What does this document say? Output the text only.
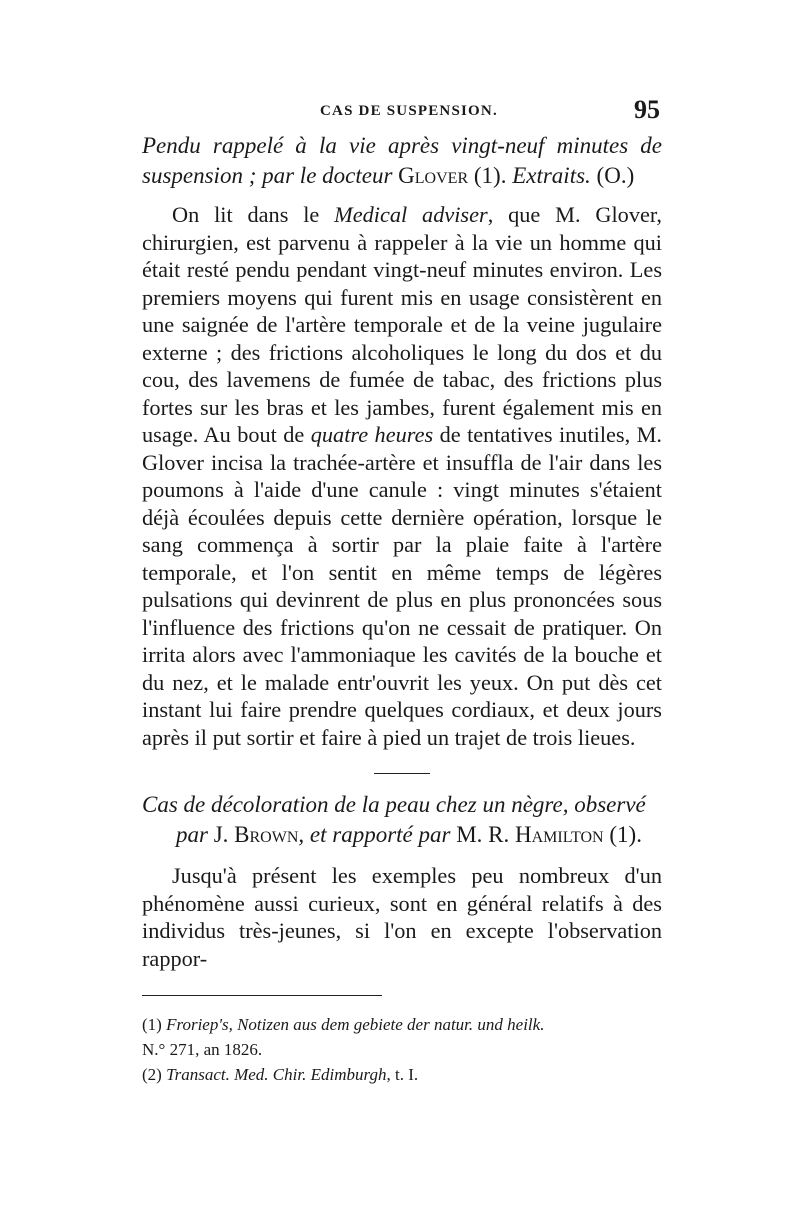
CAS DE SUSPENSION.	95
Pendu rappelé à la vie après vingt-neuf minutes de suspension ; par le docteur Glover (1). Extraits. (O.)

On lit dans le Medical adviser, que M. Glover, chirurgien, est parvenu à rappeler à la vie un homme qui était resté pendu pendant vingt-neuf minutes environ. Les premiers moyens qui furent mis en usage consistèrent en une saignée de l'artère temporale et de la veine jugulaire externe ; des frictions alcoholiques le long du dos et du cou, des lavemens de fumée de tabac, des frictions plus fortes sur les bras et les jambes, furent également mis en usage. Au bout de quatre heures de tentatives inutiles, M. Glover incisa la trachée-artère et insuffla de l'air dans les poumons à l'aide d'une canule : vingt minutes s'étaient déjà écoulées depuis cette dernière opération, lorsque le sang commença à sortir par la plaie faite à l'artère temporale, et l'on sentit en même temps de légères pulsations qui devinrent de plus en plus prononcées sous l'influence des frictions qu'on ne cessait de pratiquer. On irrita alors avec l'ammoniaque les cavités de la bouche et du nez, et le malade entr'ouvrit les yeux. On put dès cet instant lui faire prendre quelques cordiaux, et deux jours après il put sortir et faire à pied un trajet de trois lieues.

Cas de décoloration de la peau chez un nègre, observé
par J. Brown, et rapporté par M. R. Hamilton (1).

Jusqu'à présent les exemples peu nombreux d'un phénomène aussi curieux, sont en général relatifs à des individus très-jeunes, si l'on en excepte l'observation rappor-

(1) Froriep's, Notizen aus dem gebiete der natur. und heilk.
N.° 271, an 1826.
(2) Transact. Med. Chir. Edimburgh, t. I.
